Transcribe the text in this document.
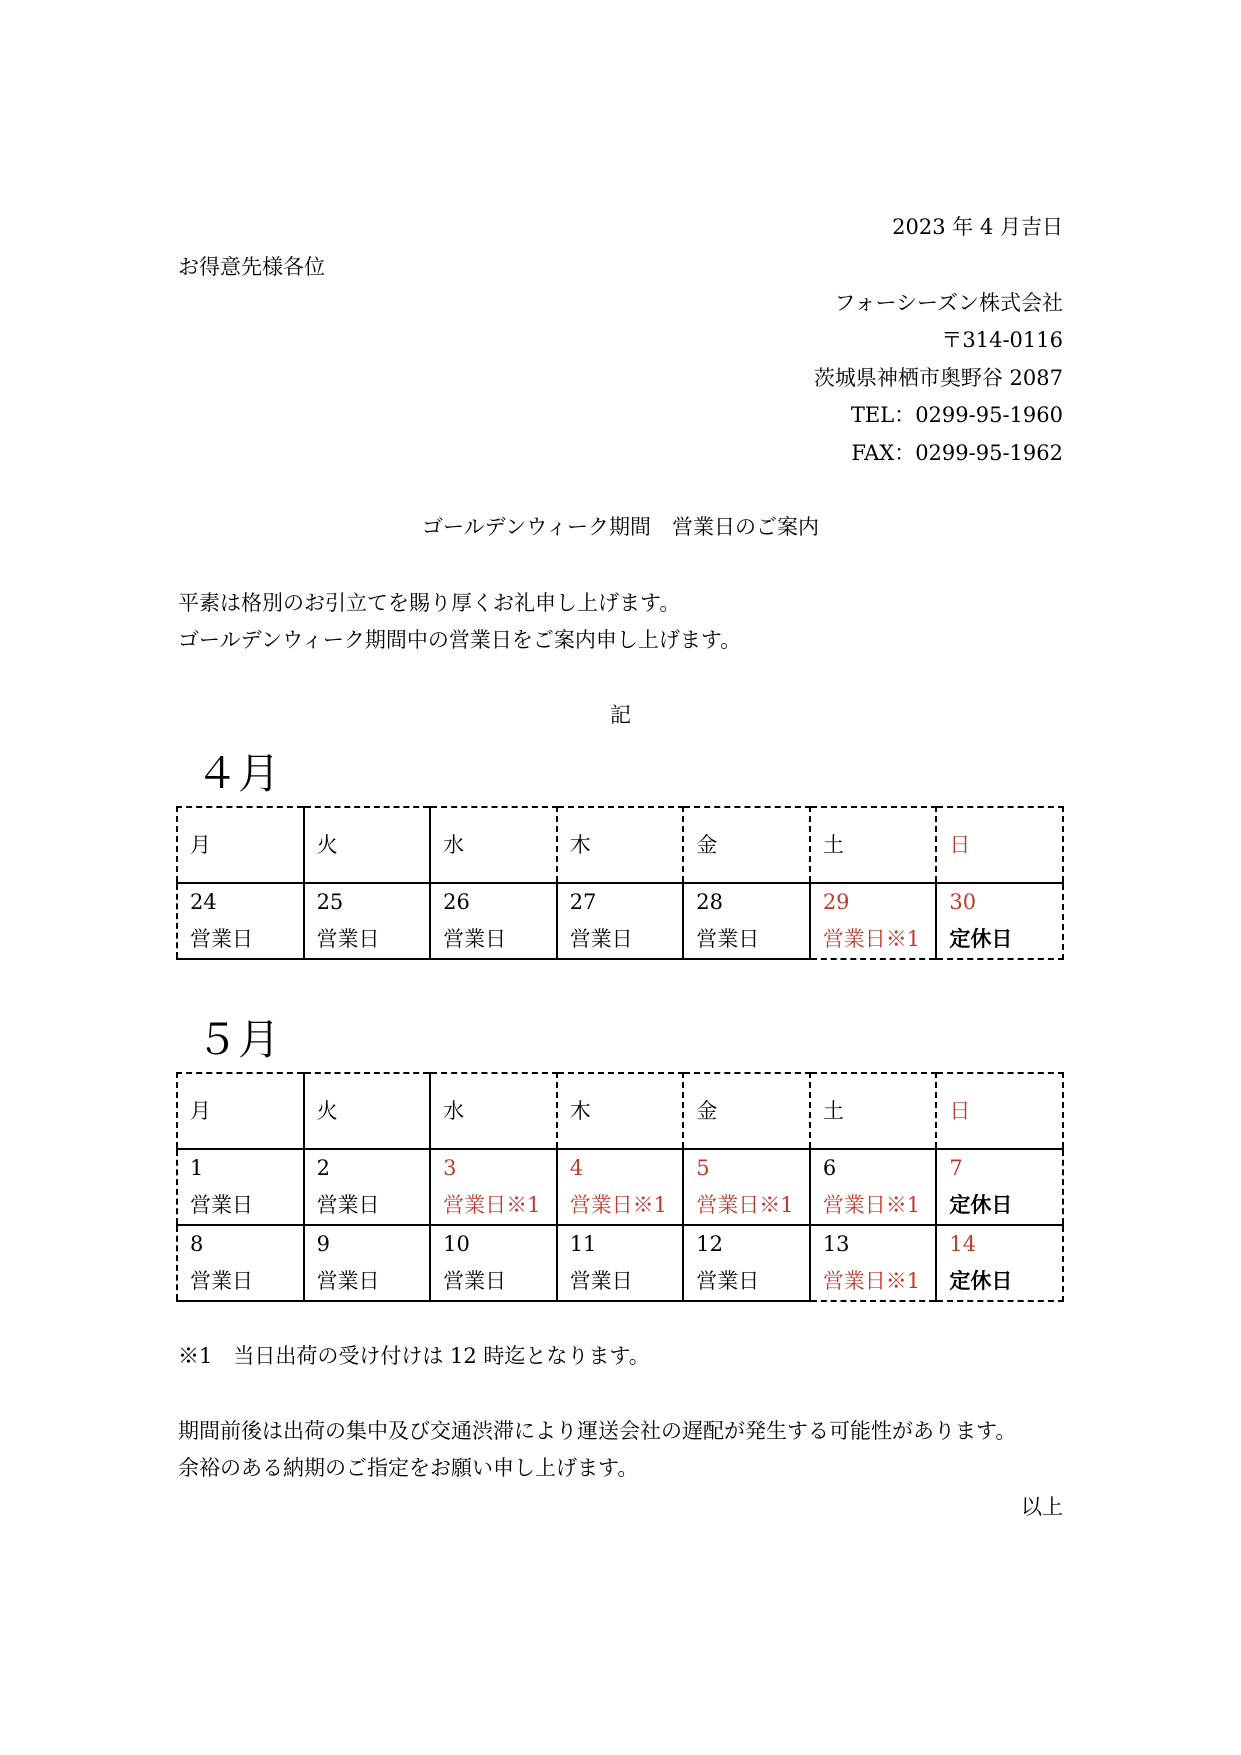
2023 年 4 月吉日
お得意先様各位
フォーシーズン株式会社
〒314-0116
茨城県神栖市奥野谷 2087
TEL：0299-95-1960
FAX：0299-95-1962
ゴールデンウィーク期間　営業日のご案内
平素は格別のお引立てを賜り厚くお礼申し上げます。
ゴールデンウィーク期間中の営業日をご案内申し上げます。
記
４月
月	火	水	木	金	土	日

24
営業日	25
営業日	26
営業日	27
営業日	28
営業日	29
営業日※1	30
定休日
５月
月	火	水	木	金	土	日

1
営業日	2
営業日	3
営業日※1	4
営業日※1	5
営業日※1	6
営業日※1	7
定休日

8
営業日	9
営業日	10
営業日	11
営業日	12
営業日	13
営業日※1	14
定休日
※1　当日出荷の受け付けは 12 時迄となります。
期間前後は出荷の集中及び交通渋滞により運送会社の遅配が発生する可能性があります。
余裕のある納期のご指定をお願い申し上げます。
以上
